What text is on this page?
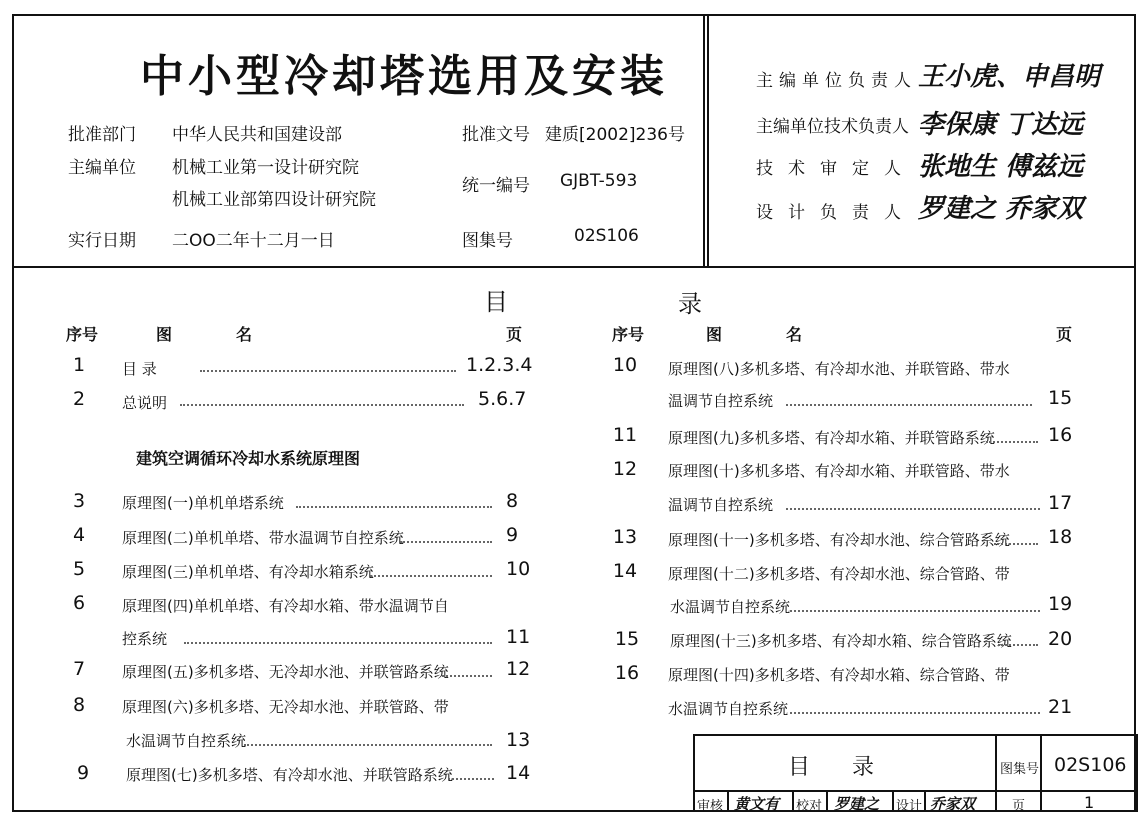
中小型冷却塔选用及安装
批准部门 中华人民共和国建设部
主编单位 机械工业第一设计研究院
机械工业部第四设计研究院
实行日期 二OO二年十二月一日
批准文号 建质[2002]236号
统一编号 GJBT-593
图集号	02S106
主编单位负责人 王小虎、申昌明
主编单位技术负责人 李保康 丁达远
技术审定人 张地生 傅兹远
设计负责人 罗建之 乔家双
目	录
序号	图	名	页	序号	图	名	页
1	目 录	1.2.3.4
2	总说明	5.6.7
建筑空调循环冷却水系统原理图
3	原理图(一)单机单塔系统	8
4	原理图(二)单机单塔、带水温调节自控系统	9
5	原理图(三)单机单塔、有冷却水箱系统	10
6	原理图(四)单机单塔、有冷却水箱、带水温调节自
控系统	11
7	原理图(五)多机多塔、无冷却水池、并联管路系统	12
8	原理图(六)多机多塔、无冷却水池、并联管路、带
水温调节自控系统	13
9	原理图(七)多机多塔、有冷却水池、并联管路系统	14
10 原理图(八)多机多塔、有冷却水池、并联管路、带水
温调节自控系统	15
11 原理图(九)多机多塔、有冷却水箱、并联管路系统	16
12 原理图(十)多机多塔、有冷却水箱、并联管路、带水
温调节自控系统	17
13 原理图(十一)多机多塔、有冷却水池、综合管路系统 18
14 原理图(十二)多机多塔、有冷却水池、综合管路、带
水温调节自控系统	19
15 原理图(十三)多机多塔、有冷却水箱、综合管路系统 20
16 原理图(十四)多机多塔、有冷却水箱、综合管路、带
水温调节自控系统	21
目 录	图集号 02S106
审核 黄文有 校对 罗建之 设计 乔家双	页	1
